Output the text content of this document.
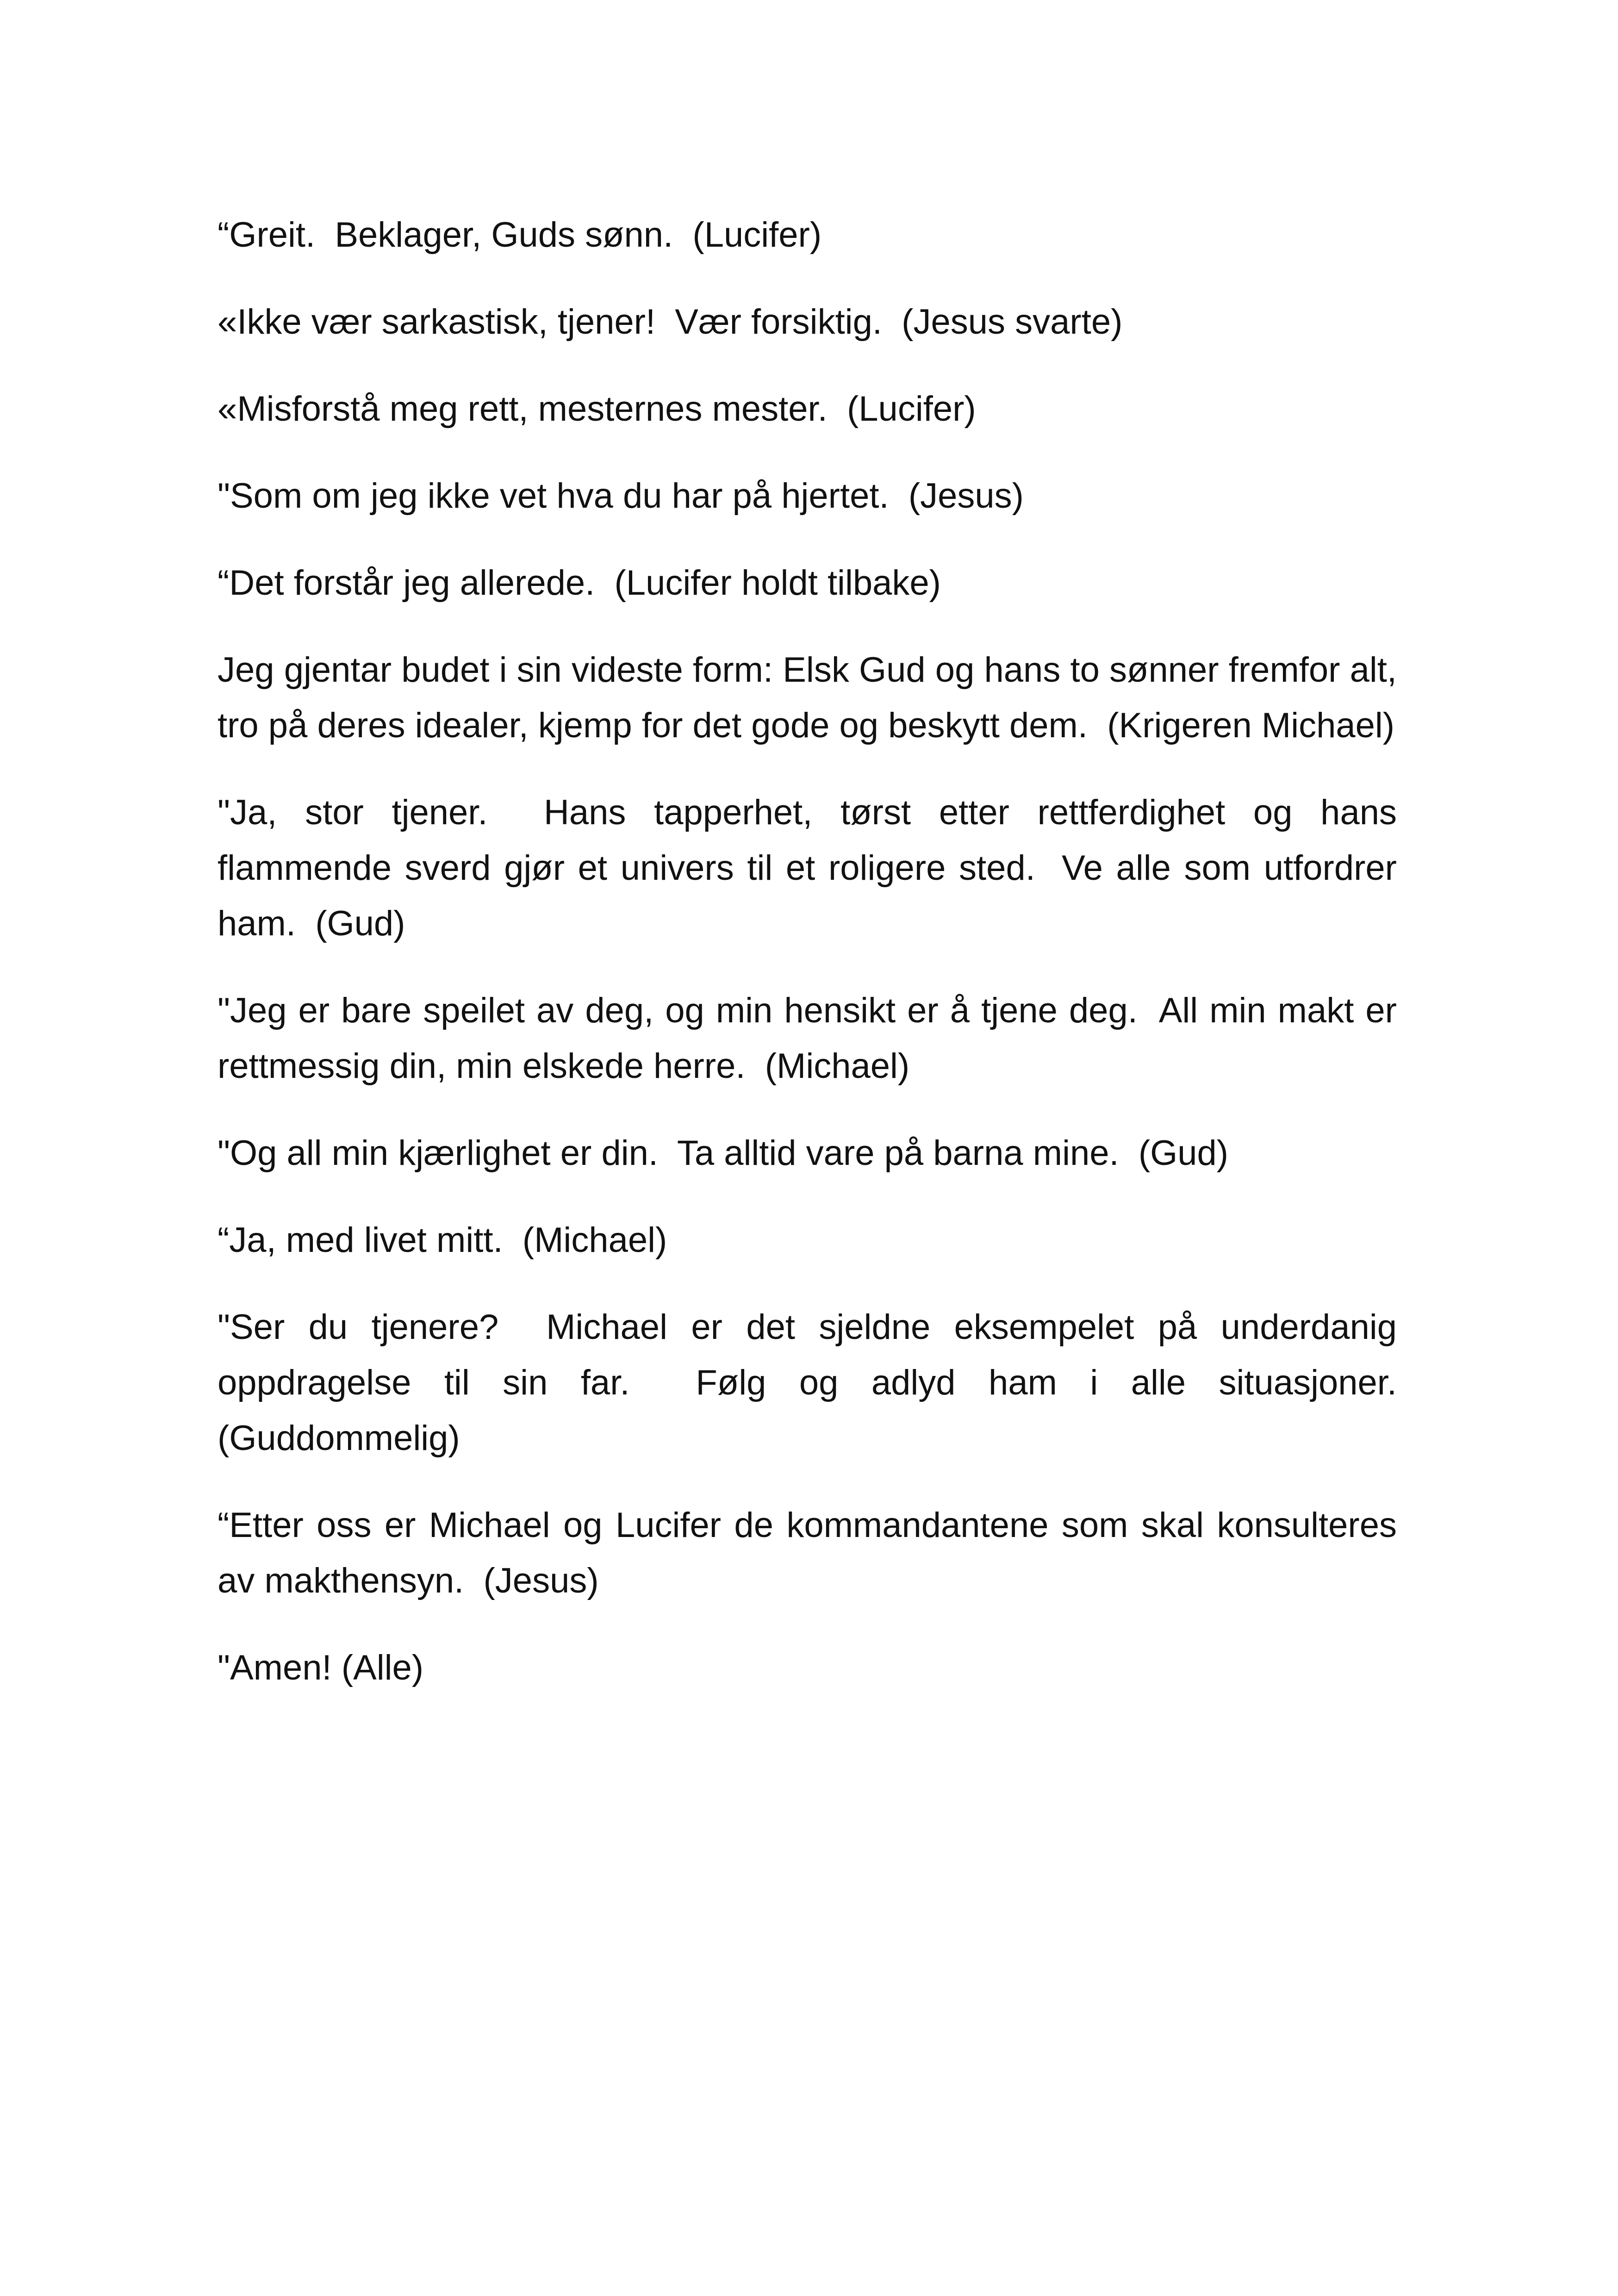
“Greit.  Beklager, Guds sønn.  (Lucifer)

«Ikke vær sarkastisk, tjener!  Vær forsiktig.  (Jesus svarte)

«Misforstå meg rett, mesternes mester.  (Lucifer)

"Som om jeg ikke vet hva du har på hjertet.  (Jesus)

“Det forstår jeg allerede.  (Lucifer holdt tilbake)

Jeg gjentar budet i sin videste form: Elsk Gud og hans to sønner fremfor alt, tro på deres idealer, kjemp for det gode og beskytt dem.  (Krigeren Michael)

"Ja, stor tjener.  Hans tapperhet, tørst etter rettferdighet og hans flammende sverd gjør et univers til et roligere sted.  Ve alle som utfordrer ham.  (Gud)

"Jeg er bare speilet av deg, og min hensikt er å tjene deg.  All min makt er rettmessig din, min elskede herre.  (Michael)

"Og all min kjærlighet er din.  Ta alltid vare på barna mine.  (Gud)

“Ja, med livet mitt.  (Michael)

"Ser du tjenere?  Michael er det sjeldne eksempelet på underdanig oppdragelse til sin far.  Følg og adlyd ham i alle situasjoner.  (Guddommelig)

“Etter oss er Michael og Lucifer de kommandantene som skal konsulteres av makthensyn.  (Jesus)

"Amen! (Alle)
